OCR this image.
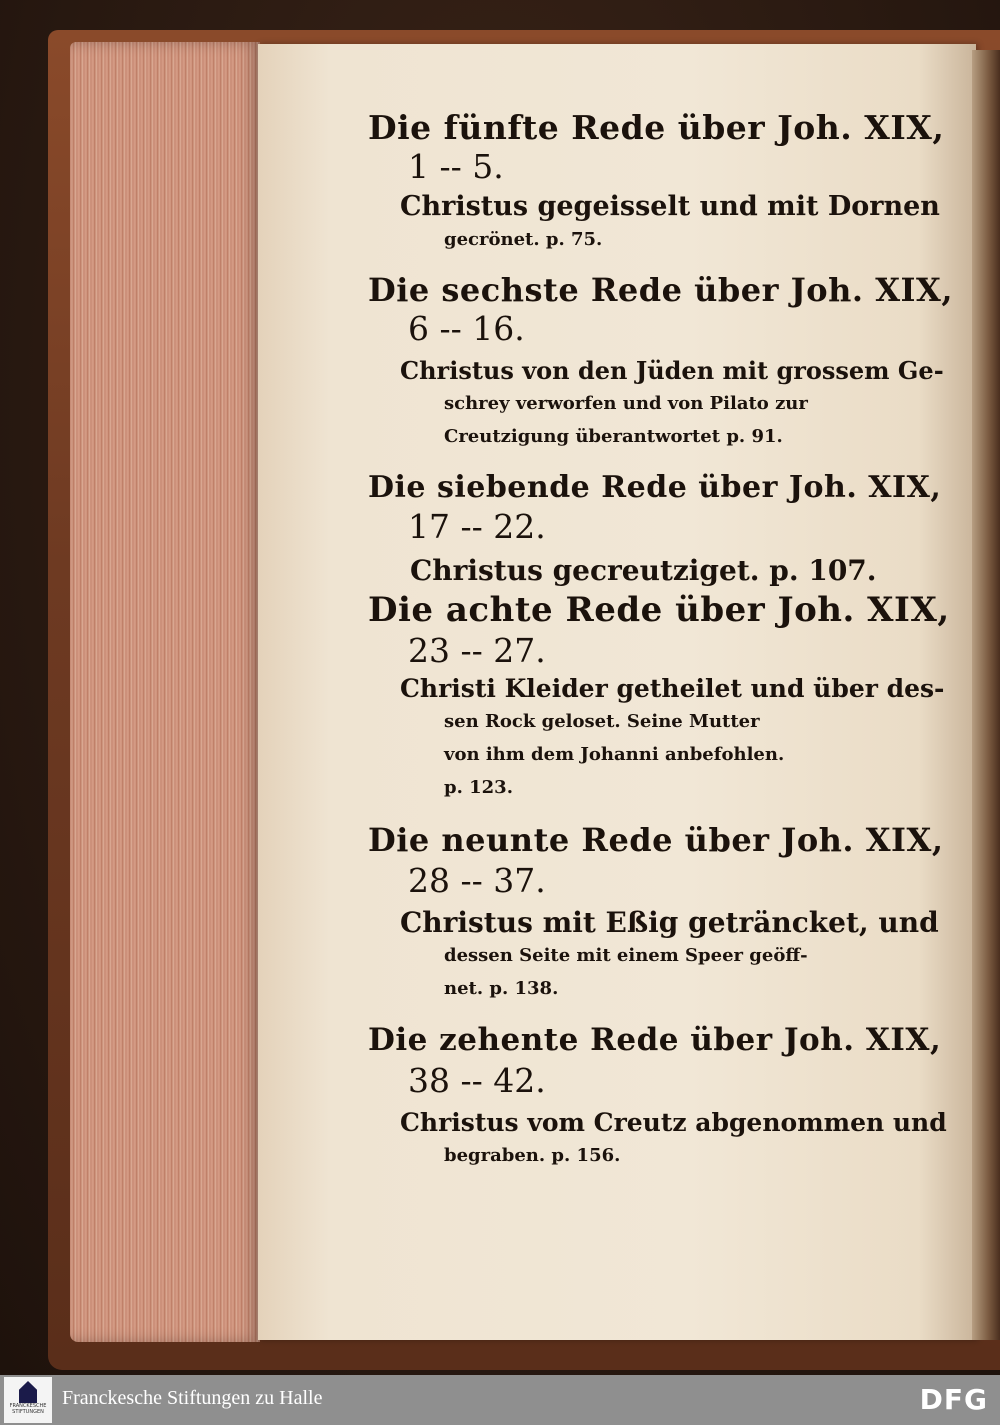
Die fünfte Rede über Joh. XIX,
1 -- 5.
Christus gegeisselt und mit Dornen
gecrönet. p. 75.
Die sechste Rede über Joh. XIX,
6 -- 16.
Christus von den Jüden mit grossem Ge-
schrey verworfen und von Pilato zur
Creutzigung überantwortet p. 91.
Die siebende Rede über Joh. XIX,
17 -- 22.
Christus gecreutziget. p. 107.
Die achte Rede über Joh. XIX,
23 -- 27.
Christi Kleider getheilet und über des-
sen Rock geloset. Seine Mutter
von ihm dem Johanni anbefohlen.
p. 123.
Die neunte Rede über Joh. XIX,
28 -- 37.
Christus mit Eßig geträncket, und
dessen Seite mit einem Speer geöff-
net. p. 138.
Die zehente Rede über Joh. XIX,
38 -- 42.
Christus vom Creutz abgenommen und
begraben. p. 156.
FRANCKESCHE STIFTUNGEN
Franckesche Stiftungen zu Halle	DFG
